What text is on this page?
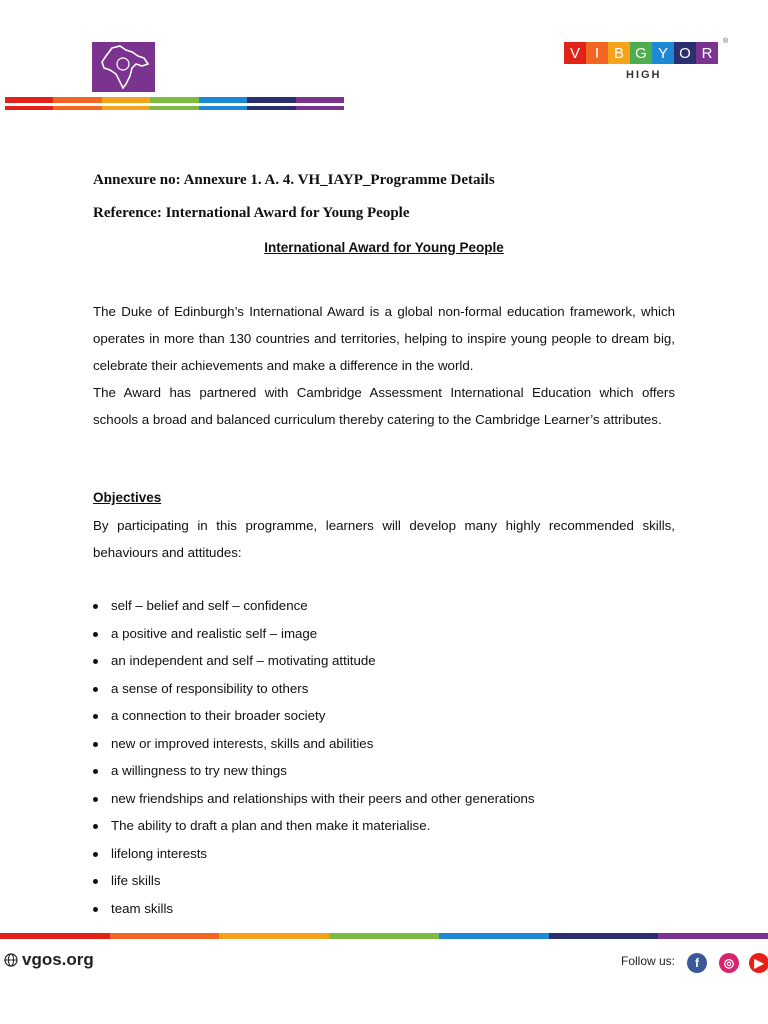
V I B G Y O R
HIGH
®
Annexure no: Annexure 1. A. 4. VH_IAYP_Programme Details
Reference: International Award for Young People
International Award for Young People
The Duke of Edinburgh’s International Award is a global non-formal education framework, which operates in more than 130 countries and territories, helping to inspire young people to dream big, celebrate their achievements and make a difference in the world.
The Award has partnered with Cambridge Assessment International Education which offers schools a broad and balanced curriculum thereby catering to the Cambridge Learner’s attributes.
Objectives
By participating in this programme, learners will develop many highly recommended skills, behaviours and attitudes:
self – belief and self – confidence
a positive and realistic self – image
an independent and self – motivating attitude
a sense of responsibility to others
a connection to their broader society
new or improved interests, skills and abilities
a willingness to try new things
new friendships and relationships with their peers and other generations
The ability to draft a plan and then make it materialise.
lifelong interests
life skills
team skills
vgos.org	Follow us:	f	◎	▶
